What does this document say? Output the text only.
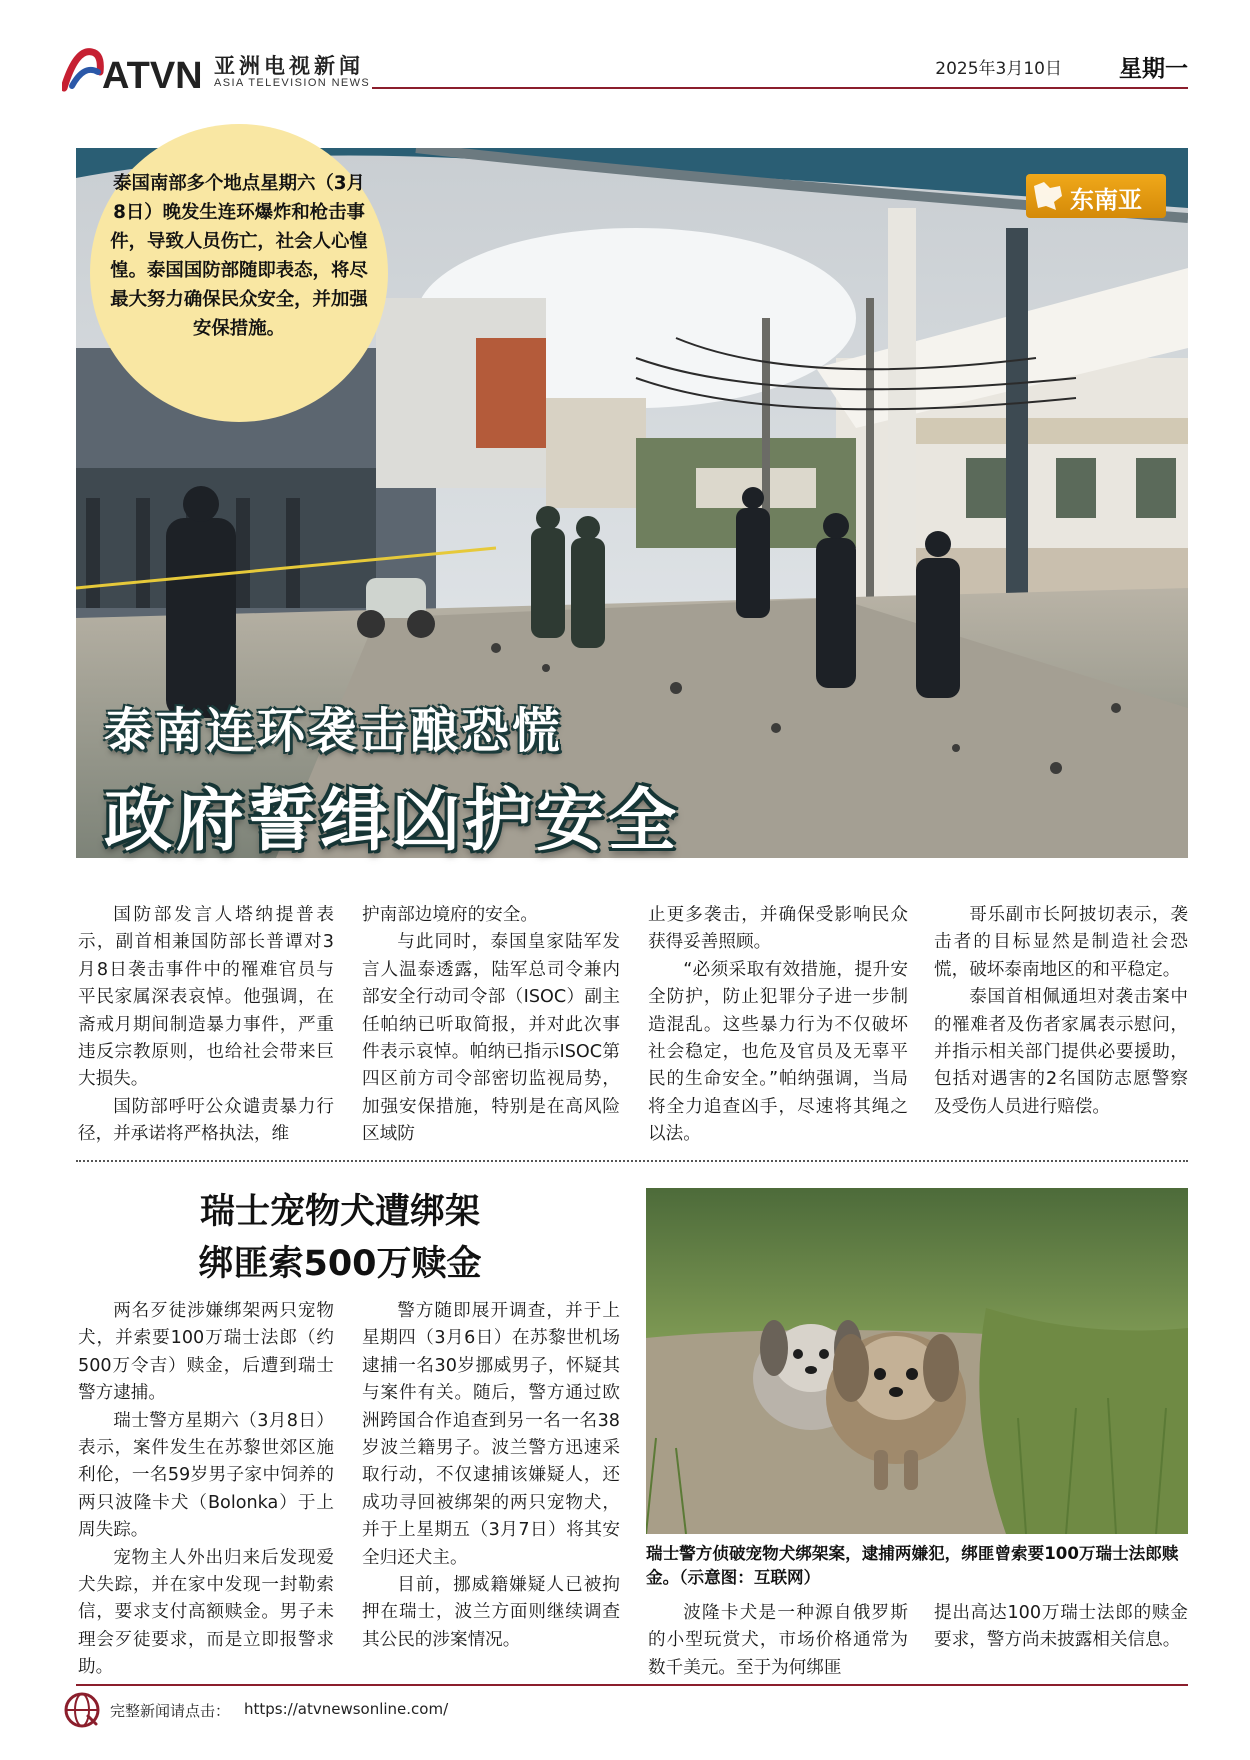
ATVN 亚洲电视新闻
ASIA TELEVISION NEWS
2025年3月10日 星期一
东南亚
泰国南部多个地点星期六（3月8日）晚发生连环爆炸和枪击事件，导致人员伤亡，社会人心惶惶。泰国国防部随即表态，将尽最大努力确保民众安全，并加强安保措施。
泰南连环袭击酿恐慌
政府誓缉凶护安全

国防部发言人塔纳提普表示，副首相兼国防部长普谭对3月8日袭击事件中的罹难官员与平民家属深表哀悼。他强调，在斋戒月期间制造暴力事件，严重违反宗教原则，也给社会带来巨大损失。

国防部呼吁公众谴责暴力行径，并承诺将严格执法，维

护南部边境府的安全。

与此同时，泰国皇家陆军发言人温泰透露，陆军总司令兼内部安全行动司令部（ISOC）副主任帕纳已听取简报，并对此次事件表示哀悼。帕纳已指示ISOC第四区前方司令部密切监视局势，加强安保措施，特别是在高风险区域防

止更多袭击，并确保受影响民众获得妥善照顾。

“必须采取有效措施，提升安全防护，防止犯罪分子进一步制造混乱。这些暴力行为不仅破坏社会稳定，也危及官员及无辜平民的生命安全。”帕纳强调，当局将全力追查凶手，尽速将其绳之以法。

哥乐副市长阿披切表示，袭击者的目标显然是制造社会恐慌，破坏泰南地区的和平稳定。

泰国首相佩通坦对袭击案中的罹难者及伤者家属表示慰问，并指示相关部门提供必要援助，包括对遇害的2名国防志愿警察及受伤人员进行赔偿。

瑞士宠物犬遭绑架
绑匪索500万赎金

两名歹徒涉嫌绑架两只宠物犬，并索要100万瑞士法郎（约500万令吉）赎金，后遭到瑞士警方逮捕。

瑞士警方星期六（3月8日）表示，案件发生在苏黎世郊区施利伦，一名59岁男子家中饲养的两只波隆卡犬（Bolonka）于上周失踪。

宠物主人外出归来后发现爱犬失踪，并在家中发现一封勒索信，要求支付高额赎金。男子未理会歹徒要求，而是立即报警求助。

警方随即展开调查，并于上星期四（3月6日）在苏黎世机场逮捕一名30岁挪威男子，怀疑其与案件有关。随后，警方通过欧洲跨国合作追查到另一名一名38岁波兰籍男子。波兰警方迅速采取行动，不仅逮捕该嫌疑人，还成功寻回被绑架的两只宠物犬，并于上星期五（3月7日）将其安全归还犬主。

目前，挪威籍嫌疑人已被拘押在瑞士，波兰方面则继续调查其公民的涉案情况。

瑞士警方侦破宠物犬绑架案，逮捕两嫌犯，绑匪曾索要100万瑞士法郎赎金。（示意图：互联网）

波隆卡犬是一种源自俄罗斯的小型玩赏犬，市场价格通常为数千美元。至于为何绑匪

提出高达100万瑞士法郎的赎金要求，警方尚未披露相关信息。

完整新闻请点击： https://atvnewsonline.com/
